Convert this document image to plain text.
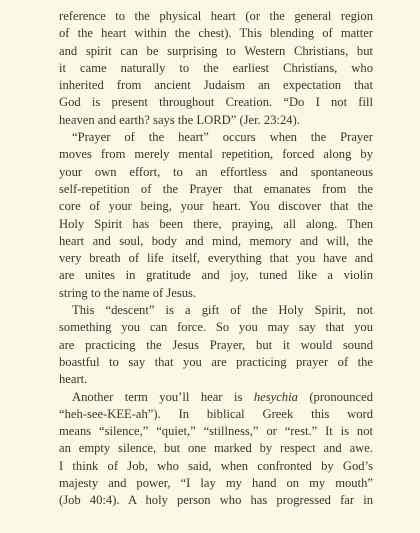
reference to the physical heart (or the general region
of the heart within the chest). This blending of matter
and spirit can be surprising to Western Christians, but
it came naturally to the earliest Christians, who
inherited from ancient Judaism an expectation that
God is present throughout Creation. “Do I not fill
heaven and earth? says the LORD” (Jer. 23:24).
“Prayer of the heart” occurs when the Prayer
moves from merely mental repetition, forced along by
your own effort, to an effortless and spontaneous
self-repetition of the Prayer that emanates from the
core of your being, your heart. You discover that the
Holy Spirit has been there, praying, all along. Then
heart and soul, body and mind, memory and will, the
very breath of life itself, everything that you have and
are unites in gratitude and joy, tuned like a violin
string to the name of Jesus.
This “descent” is a gift of the Holy Spirit, not
something you can force. So you may say that you
are practicing the Jesus Prayer, but it would sound
boastful to say that you are practicing prayer of the
heart.
Another term you’ll hear is hesychia (pronounced
“heh-see-KEE-ah”). In biblical Greek this word
means “silence,” “quiet,” “stillness,” or “rest.” It is not
an empty silence, but one marked by respect and awe.
I think of Job, who said, when confronted by God’s
majesty and power, “I lay my hand on my mouth”
(Job 40:4). A holy person who has progressed far in
